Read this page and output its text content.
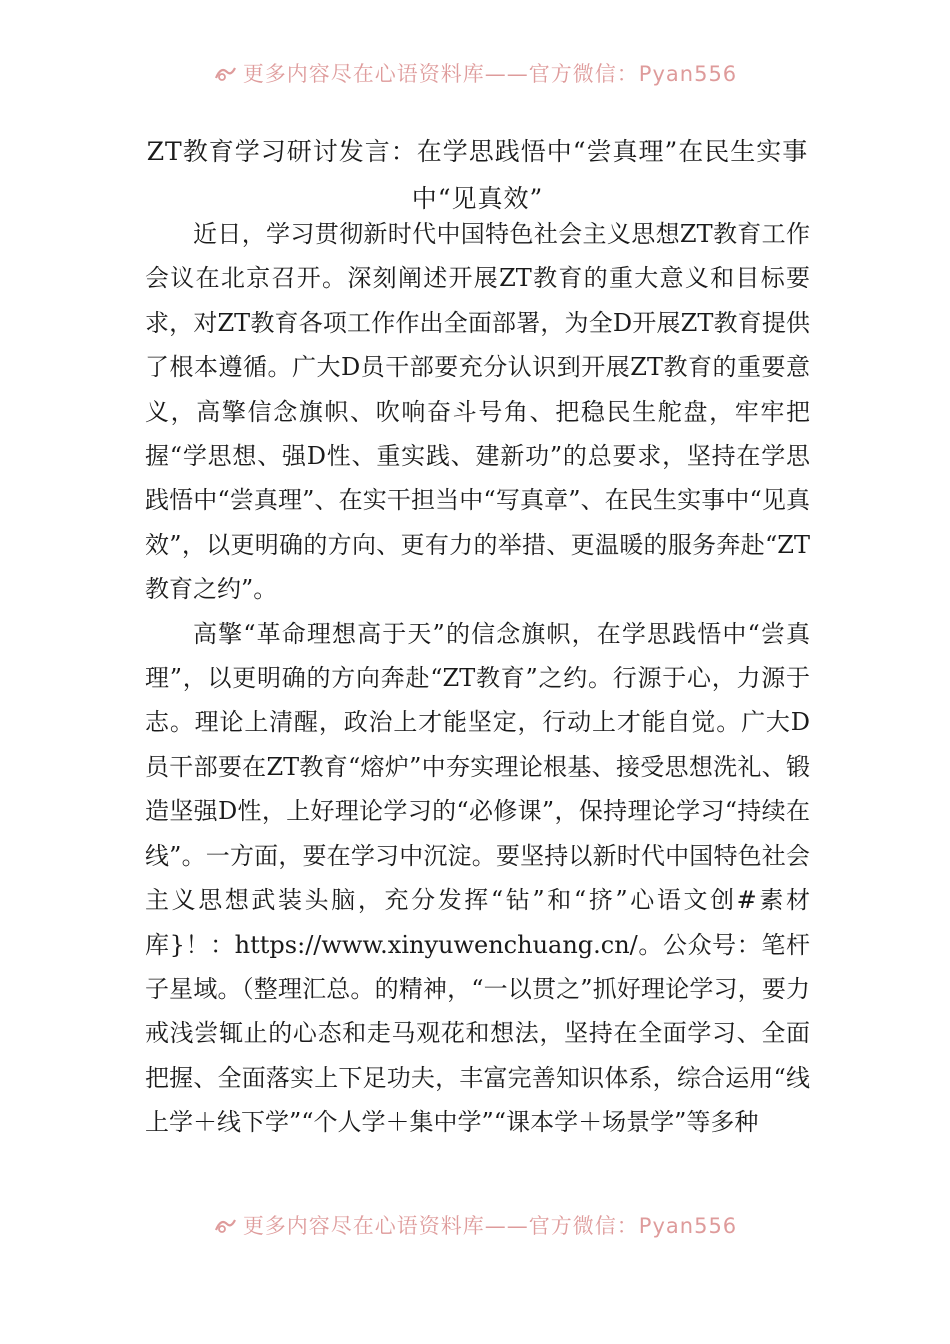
更多内容尽在心语资料库——官方微信：Pyan556
ZT教育学习研讨发言：在学思践悟中“尝真理”在民生实事中“见真效”

近日，学习贯彻新时代中国特色社会主义思想ZT教育工作会议在北京召开。深刻阐述开展ZT教育的重大意义和目标要求，对ZT教育各项工作作出全面部署，为全D开展ZT教育提供了根本遵循。广大D员干部要充分认识到开展ZT教育的重要意义，高擎信念旗帜、吹响奋斗号角、把稳民生舵盘，牢牢把握“学思想、强D性、重实践、建新功”的总要求，坚持在学思践悟中“尝真理”、在实干担当中“写真章”、在民生实事中“见真效”，以更明确的方向、更有力的举措、更温暖的服务奔赴“ZT教育之约”。

高擎“革命理想高于天”的信念旗帜，在学思践悟中“尝真理”，以更明确的方向奔赴“ZT教育”之约。行源于心，力源于志。理论上清醒，政治上才能坚定，行动上才能自觉。广大D员干部要在ZT教育“熔炉”中夯实理论根基、接受思想洗礼、锻造坚强D性，上好理论学习的“必修课”，保持理论学习“持续在线”。一方面，要在学习中沉淀。要坚持以新时代中国特色社会主义思想武装头脑，充分发挥“钻”和“挤”心语文创#素材库}！：https://www.xinyuwenchuang.cn/。公众号：笔杆子星域。（整理汇总。的精神，“一以贯之”抓好理论学习，要力戒浅尝辄止的心态和走马观花和想法，坚持在全面学习、全面把握、全面落实上下足功夫，丰富完善知识体系，综合运用“线上学＋线下学”“个人学＋集中学”“课本学＋场景学”等多种

更多内容尽在心语资料库——官方微信：Pyan556
